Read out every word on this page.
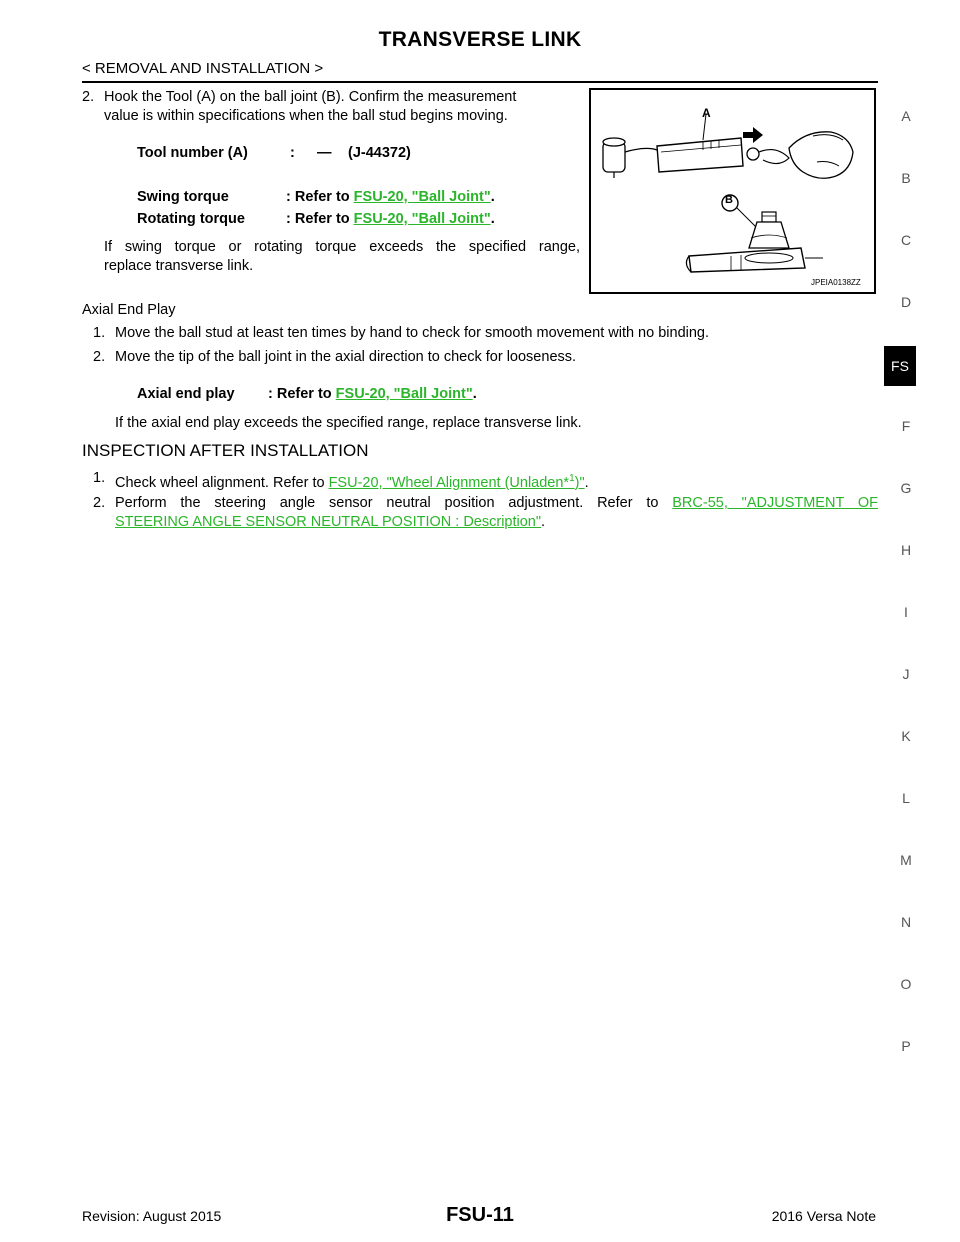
TRANSVERSE LINK
< REMOVAL AND INSTALLATION >
2. Hook the Tool (A) on the ball joint (B). Confirm the measurement
value is within specifications when the ball stud begins moving.
Tool number (A)	: — (J-44372)
Swing torque	: Refer to FSU-20, "Ball Joint".
Rotating torque	: Refer to FSU-20, "Ball Joint".
If swing torque or rotating torque exceeds the specified range,
replace transverse link.
A
B
JPEIA0138ZZ
Axial End Play
1. Move the ball stud at least ten times by hand to check for smooth movement with no binding.
2. Move the tip of the ball joint in the axial direction to check for looseness.
Axial end play : Refer to FSU-20, "Ball Joint".
If the axial end play exceeds the specified range, replace transverse link.
INSPECTION AFTER INSTALLATION
1. Check wheel alignment. Refer to FSU-20, "Wheel Alignment (Unladen*$^1$)".
2. Perform the steering angle sensor neutral position adjustment. Refer to BRC-55, "ADJUSTMENT OF
STEERING ANGLE SENSOR NEUTRAL POSITION : Description".
FS
A
B
C
D
F
G
H
I
J
K
L
M
N
O
P
Revision: August 2015	FSU-11	2016 Versa Note
